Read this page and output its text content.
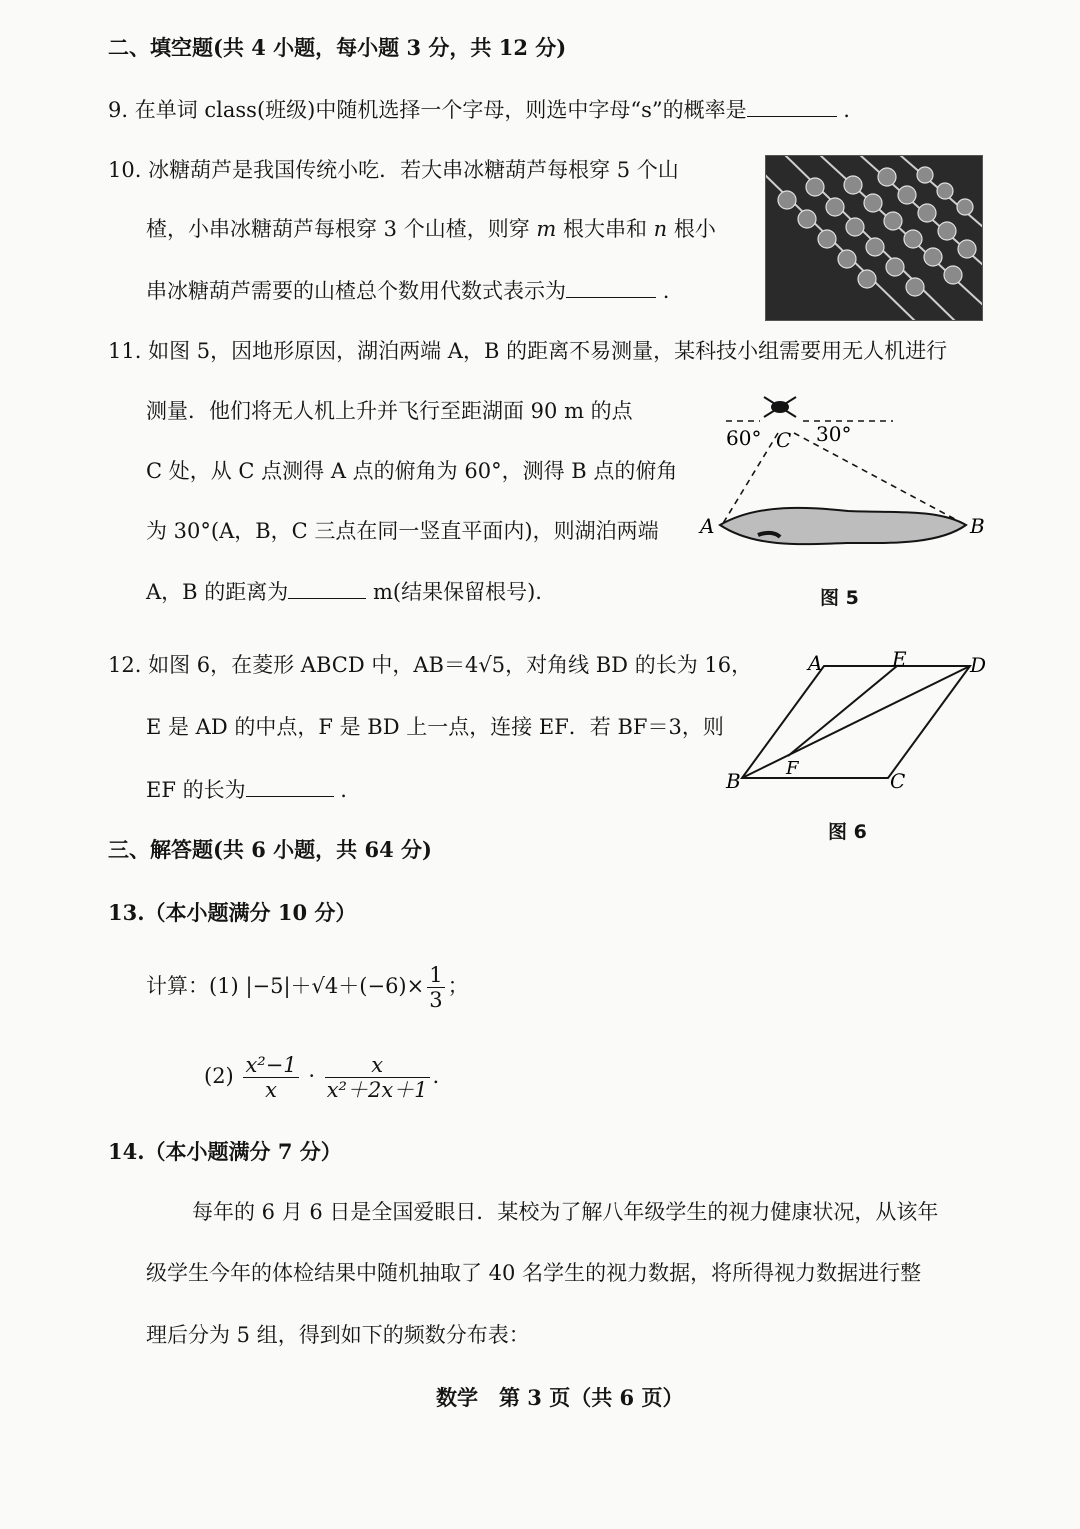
二、填空题(共 4 小题，每小题 3 分，共 12 分)
9. 在单词 class(班级)中随机选择一个字母，则选中字母“s”的概率是	.
10. 冰糖葫芦是我国传统小吃．若大串冰糖葫芦每根穿 5 个山
楂，小串冰糖葫芦每根穿 3 个山楂，则穿 m 根大串和 n 根小
串冰糖葫芦需要的山楂总个数用代数式表示为	.
11. 如图 5，因地形原因，湖泊两端 A，B 的距离不易测量，某科技小组需要用无人机进行
测量．他们将无人机上升并飞行至距湖面 90 m 的点
C 处，从 C 点测得 A 点的俯角为 60°，测得 B 点的俯角
为 30°(A，B，C 三点在同一竖直平面内)，则湖泊两端
A，B 的距离为	m(结果保留根号).
60°	30°
C
A	B
图 5
12. 如图 6，在菱形 ABCD 中，AB＝4√5，对角线 BD 的长为 16，
E 是 AD 的中点，F 是 BD 上一点，连接 EF．若 BF＝3，则
EF 的长为	.
A	E	D
B
F
C
图 6
三、解答题(共 6 小题，共 64 分)
13.（本小题满分 10 分）
计算：(1) $|-5|+√4+(-6)\times \frac{1}{3}$ ；
$(2) \frac{\text{x²−1}}{x} \cdot \frac{x}{\text{x²＋2x＋1}}$ .
14.（本小题满分 7 分）
每年的 6 月 6 日是全国爱眼日．某校为了解八年级学生的视力健康状况，从该年
级学生今年的体检结果中随机抽取了 40 名学生的视力数据，将所得视力数据进行整
理后分为 5 组，得到如下的频数分布表：
数学　第 3 页（共 6 页）
